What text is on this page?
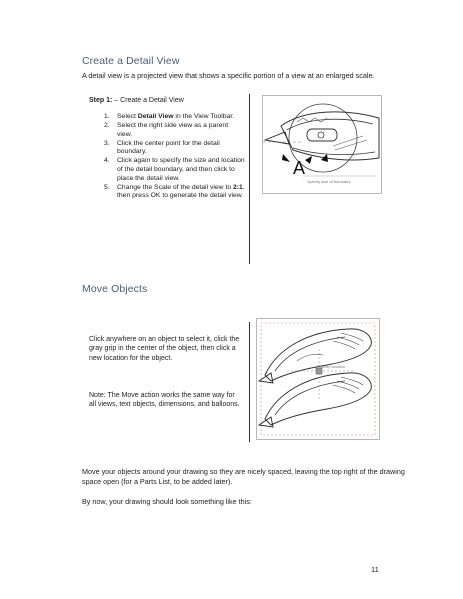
Create a Detail View
A detail view is a projected view that shows a specific portion of a view at an enlarged scale.
Step 1: – Create a Detail View
1. Select Detail View in the View Toolbar.
2. Select the right side view as a parent view.
3. Click the center point for the detail boundary.
4. Click again to specify the size and location of the detail boundary, and then click to place the detail view.
5. Change the Scale of the detail view to 2:1, then press OK to generate the detail view.
A
Specify size of boundary
Move Objects
Click anywhere on an object to select it, click the gray grip in the center of the object, then click a new location for the object.
Note: The Move action works the same way for all views, text objects, dimensions, and balloons.
Specify location
Move your objects around your drawing so they are nicely spaced, leaving the top right of the drawing space open (for a Parts List, to be added later).
By now, your drawing should look something like this:
11
